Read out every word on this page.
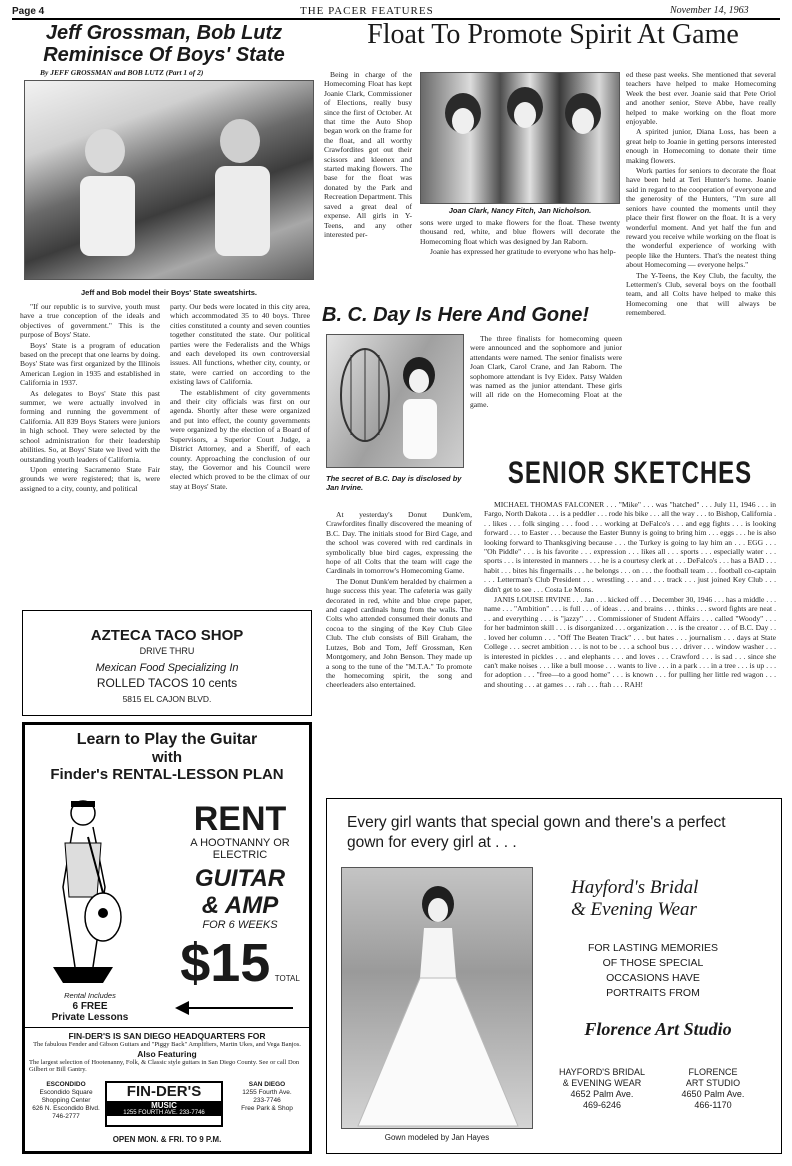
Page 4	THE PACER FEATURES	November 14, 1963
Jeff Grossman, Bob Lutz Reminisce Of Boys' State
By JEFF GROSSMAN and BOB LUTZ (Part 1 of 2)
Jeff and Bob model their Boys' State sweatshirts.

"If our republic is to survive, youth must have a true conception of the ideals and objectives of government." This is the purpose of Boys' State.

Boys' State is a program of education based on the precept that one learns by doing. Boys' State was first organized by the Illinois American Legion in 1935 and established in California in 1937.

As delegates to Boys' State this past summer, we were actually involved in forming and running the government of California. All 839 Boys Staters were juniors in high school. They were selected by the school administration for their leadership abilities. So, at Boys' State we lived with the outstanding youth leaders of California.

Upon entering Sacramento State Fair grounds we were registered; that is, were assigned to a city, county, and political

party. Our beds were located in this city area, which accommodated 35 to 40 boys. Three cities constituted a county and seven counties together constituted the state. Our political parties were the Federalists and the Whigs and each developed its own controversial issues. All functions, whether city, county, or state, were carried on according to the existing laws of California.

The establishment of city governments and their city officials was first on our agenda. Shortly after these were organized and put into effect, the county governments were organized by the election of a Board of Supervisors, a Superior Court Judge, a District Attorney, and a Sheriff, of each county. Approaching the conclusion of our stay, the Governor and his Council were elected which proved to be the climax of our stay at Boys' State.

AZTECA TACO SHOP
DRIVE THRU
Mexican Food Specializing In
ROLLED TACOS 10 cents
5815 EL CAJON BLVD.
Learn to Play the Guitar
with
Finder's RENTAL-LESSON PLAN
Rental Includes
6 FREE
Private Lessons
RENT
A HOOTNANNY OR
ELECTRIC
GUITAR
& AMP
FOR 6 WEEKS
$15 TOTAL
FIN-DER'S IS SAN DIEGO HEADQUARTERS FOR
The fabulous Fender and Gibson Guitars and "Piggy Back" Amplifiers, Martin Ukes, and Vega Banjos.
Also Featuring
The largest selection of Hootenanny, Folk, & Classic style guitars in San Diego County. See or call Don Gilbert or Bill Gantry.
ESCONDIDO
Escondido Square
Shopping Center
626 N. Escondido Blvd.
746-2777
FIN-DER'S
MUSIC
1255 FOURTH AVE. 233-7746
SAN DIEGO
1255 Fourth Ave.
233-7746
Free Park & Shop
OPEN MON. & FRI. TO 9 P.M.
Float To Promote Spirit At Game
Being in charge of the Homecoming Float has kept Joanie Clark, Commissioner of Elections, really busy since the first of October. At that time the Auto Shop began work on the frame for the float, and all worthy Crawfordites got out their scissors and kleenex and started making flowers. The base for the float was donated by the Park and Recreation Department. This saved a great deal of expense. All girls in Y-Teens, and any other interested per-
Joan Clark, Nancy Fitch, Jan Nicholson.

sons were urged to make flowers for the float. These twenty thousand red, white, and blue flowers will decorate the Homecoming float which was designed by Jan Raborn.

Joanie has expressed her gratitude to everyone who has help-

ed these past weeks. She mentioned that several teachers have helped to make Homecoming Week the best ever. Joanie said that Pete Oriol and another senior, Steve Abbe, have really helped to make working on the float more enjoyable.

A spirited junior, Diana Loss, has been a great help to Joanie in getting persons interested enough in Homecoming to donate their time making flowers.

Work parties for seniors to decorate the float have been held at Teri Hunter's home. Joanie said in regard to the cooperation of everyone and the generosity of the Hunters, "I'm sure all seniors have counted the moments until they place their first flower on the float. It is a very wonderful moment. And yet half the fun and reward you receive while working on the float is the wonderful experience of working with people like the Hunters. That's the neatest thing about Homecoming — everyone helps."

The Y-Teens, the Key Club, the faculty, the Lettermen's Club, several boys on the football team, and all Colts have helped to make this Homecoming one that will always be remembered.

B. C. Day Is Here And Gone!
The secret of B.C. Day is disclosed by Jan Irvine.
The three finalists for homecoming queen were announced and the sophomore and junior attendants were named. The senior finalists were Joan Clark, Carol Crane, and Jan Raborn. The sophomore attendant is Ivy Eidex. Patsy Walden was named as the junior attendant. These girls will all ride on the Homecoming Float at the game.

At yesterday's Donut Dunk'em, Crawfordites finally discovered the meaning of B.C. Day. The initials stood for Bird Cage, and the school was covered with red cardinals in symbolically blue bird cages, expressing the hope of all Colts that the team will cage the Cardinals in tomorrow's Homecoming Game.

The Donut Dunk'em heralded by chairmen a huge success this year. The cafeteria was gaily decorated in red, white and blue crepe paper, and caged cardinals hung from the walls. The Colts who attended consumed their donuts and cocoa to the singing of the Key Club Glee Club. The club consists of Bill Graham, the Lutzes, Bob and Tom, Jeff Grossman, Ken Montgomery, and John Benson. They made up a song to the tune of the "M.T.A." To promote the homecoming spirit, the song and cheerleaders also entertained.

SENIOR SKETCHES

MICHAEL THOMAS FALCONER . . . "Mike" . . . was "hatched" . . . July 11, 1946 . . . in Fargo, North Dakota . . . is a peddler . . . rode his bike . . . all the way . . . to Bishop, California . . . likes . . . folk singing . . . food . . . working at DeFalco's . . . and egg fights . . . is looking forward . . . to Easter . . . because the Easter Bunny is going to bring him . . . eggs . . . he is also looking forward to Thanksgiving because . . . the Turkey is going to lay him an . . . EGG . . . "Oh Piddle" . . . is his favorite . . . expression . . . likes all . . . sports . . . especially water . . . sports . . . is interested in manners . . . he is a courtesy clerk at . . . DeFalco's . . . has a BAD . . . habit . . . bites his fingernails . . . he belongs . . . on . . . the football team . . . football co-captain . . . Letterman's Club President . . . wrestling . . . and . . . track . . . just joined Key Club . . . didn't get to see . . . Costa Le Mons.

JANIS LOUISE IRVINE . . . Jan . . . kicked off . . . December 30, 1946 . . . has a middle . . . name . . . "Ambition" . . . is full . . . of ideas . . . and brains . . . thinks . . . sword fights are neat . . . and everything . . . is "jazzy" . . . Commissioner of Student Affairs . . . called "Woody" . . . for her badminton skill . . . is disorganized . . . organization . . . is the creator . . . of B.C. Day . . . loved her column . . . "Off The Beaten Track" . . . but hates . . . journalism . . . days at State College . . . secret ambition . . . is not to be . . . a school bus . . . driver . . . window washer . . . is interested in pickles . . . and elephants . . . and loves . . . Crawford . . . is sad . . . since she can't make noises . . . like a bull moose . . . wants to live . . . in a park . . . in a tree . . . is up . . . for adoption . . . "free—to a good home" . . . is known . . . for pulling her little red wagon . . . and shouting . . . at games . . . rah . . . ftah . . . RAH!

Every girl wants that special gown and there's a perfect gown for every girl at . . .
Gown modeled by Jan Hayes
Hayford's Bridal
& Evening Wear
FOR LASTING MEMORIES
OF THOSE SPECIAL
OCCASIONS HAVE
PORTRAITS FROM
Florence Art Studio
HAYFORD'S BRIDAL
& EVENING WEAR
4652 Palm Ave.
469-6246
FLORENCE
ART STUDIO
4650 Palm Ave.
466-1170
